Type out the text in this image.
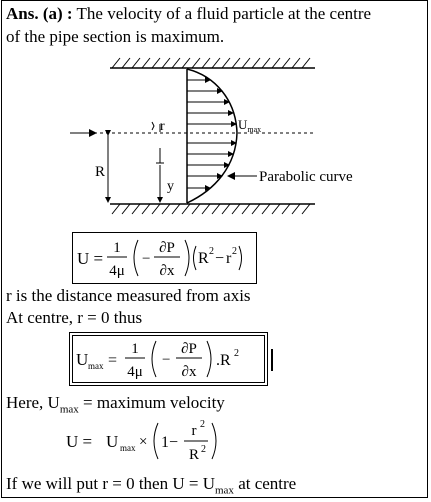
Ans. (a) : The velocity of a fluid particle at the centre
of the pipe section is maximum.
R
r
y
$U_{max}$
Parabolic curve
U =
1
4μ
−
∂P
∂x
R 2 − r 2
r is the distance measured from axis
At centre, r = 0 thus
U max =
1
4μ
−
∂P
∂x
.R 2
Here, $U_{max}$ = maximum velocity
U = U max × 1−
r 2
R 2
If we will put r = 0 then $U = U_{max}$ at centre
